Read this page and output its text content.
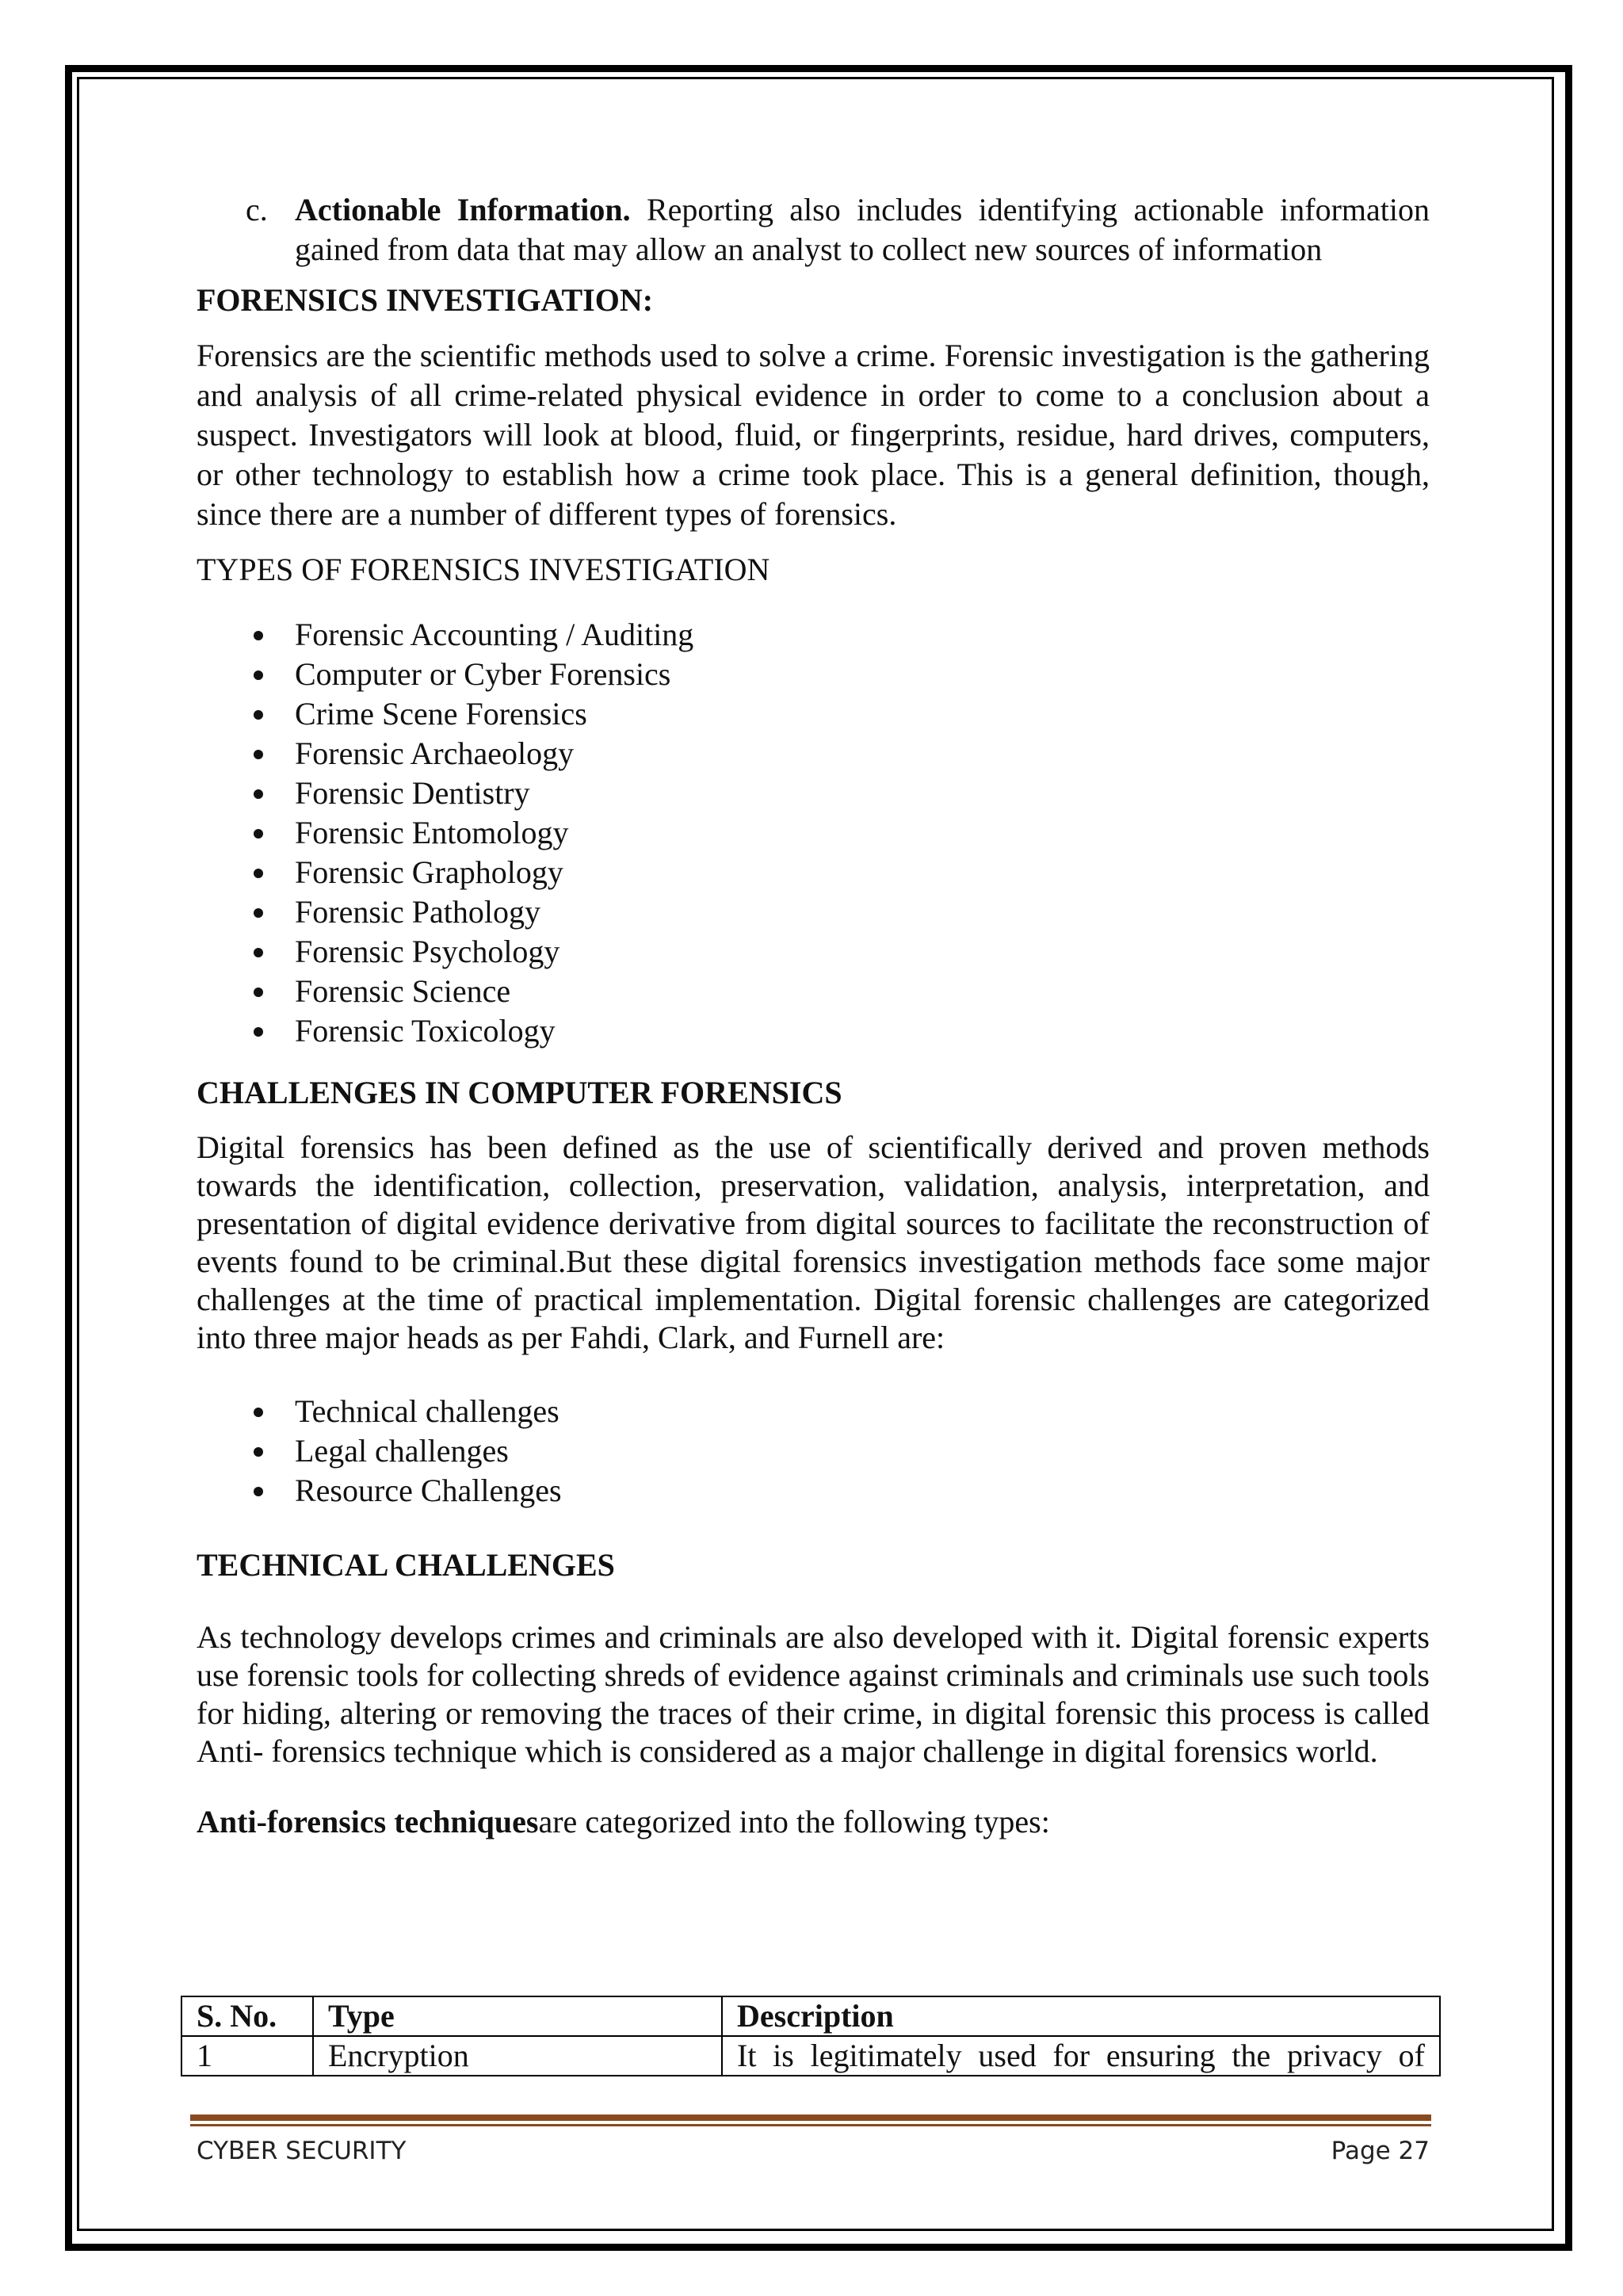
c. Actionable Information. Reporting also includes identifying actionable information gained from data that may allow an analyst to collect new sources of information

FORENSICS INVESTIGATION:

Forensics are the scientific methods used to solve a crime. Forensic investigation is the gathering and analysis of all crime-related physical evidence in order to come to a conclusion about a suspect. Investigators will look at blood, fluid, or fingerprints, residue, hard drives, computers, or other technology to establish how a crime took place. This is a general definition, though, since there are a number of different types of forensics.

TYPES OF FORENSICS INVESTIGATION

Forensic Accounting / Auditing
Computer or Cyber Forensics
Crime Scene Forensics
Forensic Archaeology
Forensic Dentistry
Forensic Entomology
Forensic Graphology
Forensic Pathology
Forensic Psychology
Forensic Science
Forensic Toxicology

CHALLENGES IN COMPUTER FORENSICS

Digital forensics has been defined as the use of scientifically derived and proven methods towards the identification, collection, preservation, validation, analysis, interpretation, and presentation of digital evidence derivative from digital sources to facilitate the reconstruction of events found to be criminal.But these digital forensics investigation methods face some major challenges at the time of practical implementation. Digital forensic challenges are categorized into three major heads as per Fahdi, Clark, and Furnell are:

Technical challenges
Legal challenges
Resource Challenges

TECHNICAL CHALLENGES

As technology develops crimes and criminals are also developed with it. Digital forensic experts use forensic tools for collecting shreds of evidence against criminals and criminals use such tools for hiding, altering or removing the traces of their crime, in digital forensic this process is called Anti- forensics technique which is considered as a major challenge in digital forensics world.

Anti-forensics techniquesare categorized into the following types:

S. No.	Type	Description
1	Encryption	It is legitimately used for ensuring the privacy of
CYBER SECURITY	Page 27
